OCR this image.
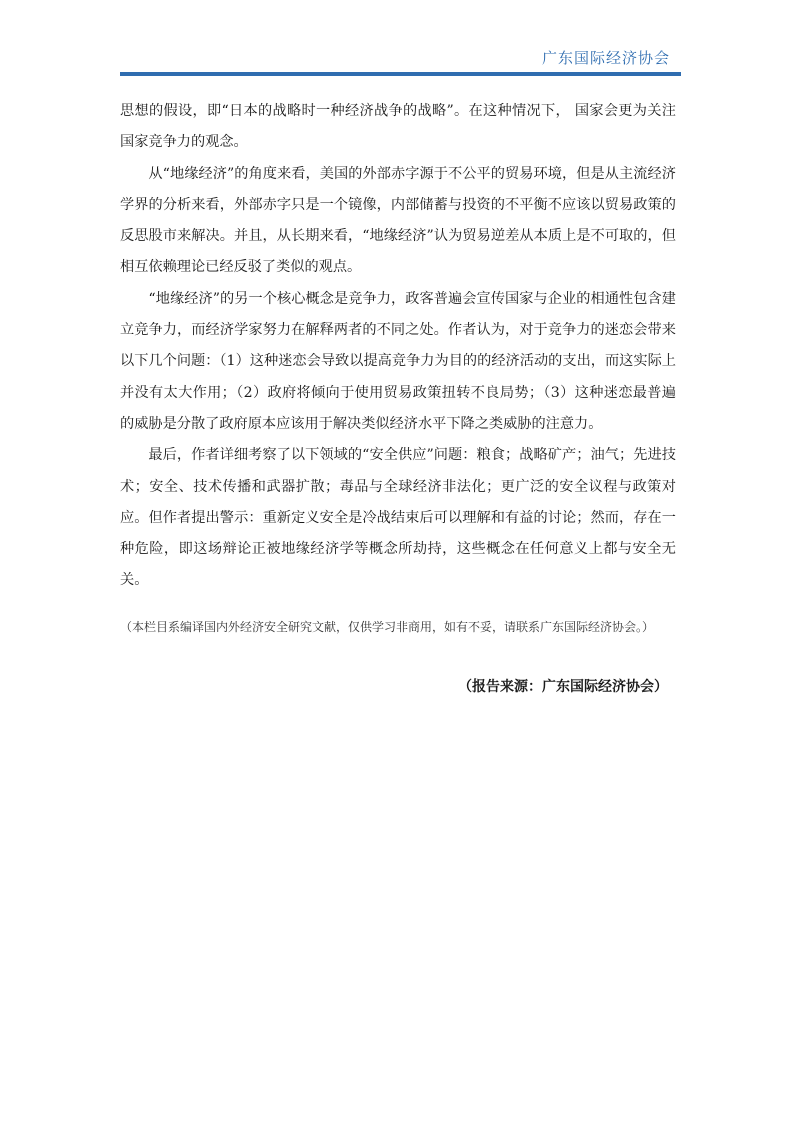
广东国际经济协会

思想的假设，即“日本的战略时一种经济战争的战略”。在这种情况下， 国家会更为关注国家竞争力的观念。

从“地缘经济”的角度来看，美国的外部赤字源于不公平的贸易环境，但是从主流经济学界的分析来看，外部赤字只是一个镜像，内部储蓄与投资的不平衡不应该以贸易政策的反思股市来解决。并且，从长期来看，“地缘经济”认为贸易逆差从本质上是不可取的，但相互依赖理论已经反驳了类似的观点。

“地缘经济”的另一个核心概念是竞争力，政客普遍会宣传国家与企业的相通性包含建立竞争力，而经济学家努力在解释两者的不同之处。作者认为，对于竞争力的迷恋会带来以下几个问题：（1）这种迷恋会导致以提高竞争力为目的的经济活动的支出，而这实际上并没有太大作用；（2）政府将倾向于使用贸易政策扭转不良局势；（3）这种迷恋最普遍的威胁是分散了政府原本应该用于解决类似经济水平下降之类威胁的注意力。

最后，作者详细考察了以下领域的“安全供应”问题：粮食；战略矿产；油气；先进技术；安全、技术传播和武器扩散；毒品与全球经济非法化；更广泛的安全议程与政策对应。但作者提出警示：重新定义安全是冷战结束后可以理解和有益的讨论；然而，存在一种危险，即这场辩论正被地缘经济学等概念所劫持，这些概念在任何意义上都与安全无关。

（本栏目系编译国内外经济安全研究文献，仅供学习非商用，如有不妥，请联系广东国际经济协会。）
（报告来源：广东国际经济协会）
